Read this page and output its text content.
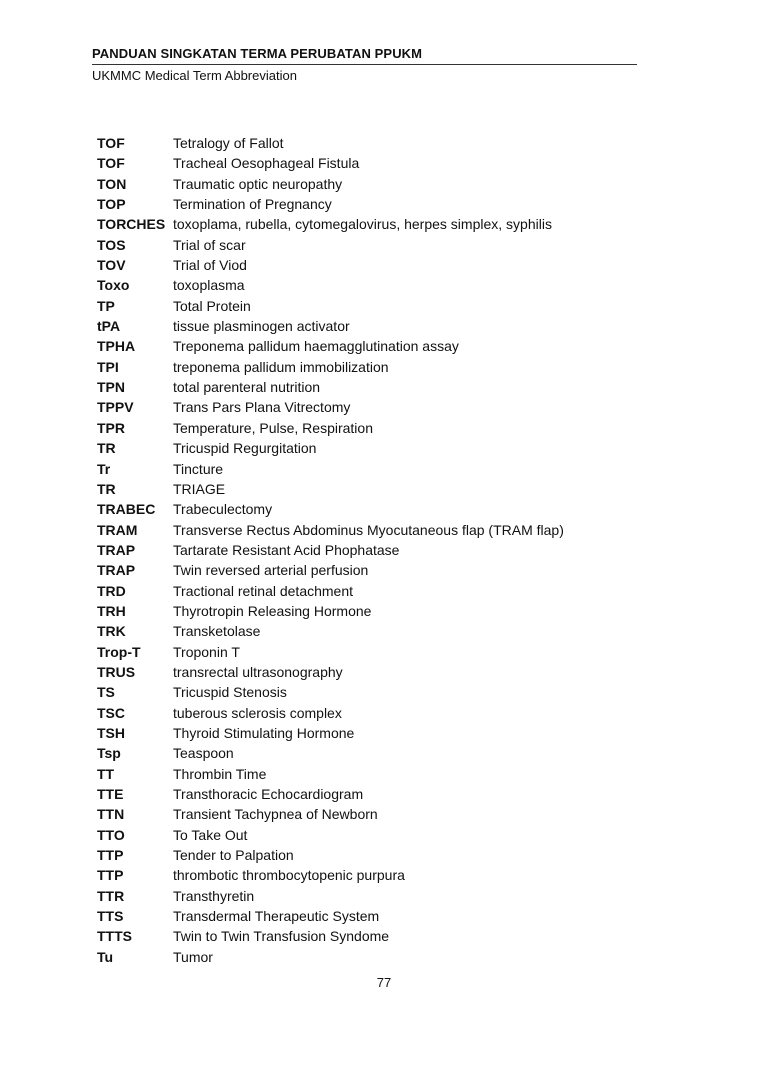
PANDUAN SINGKATAN TERMA PERUBATAN PPUKM
UKMMC Medical Term Abbreviation
TOF	Tetralogy of Fallot
TOF	Tracheal Oesophageal Fistula
TON	Traumatic optic neuropathy
TOP	Termination of Pregnancy
TORCHES toxoplama, rubella, cytomegalovirus, herpes simplex, syphilis
TOS	Trial of scar
TOV	Trial of Viod
Toxo	toxoplasma
TP	Total Protein
tPA	tissue plasminogen activator
TPHA	Treponema pallidum haemagglutination assay
TPI	treponema pallidum immobilization
TPN	total parenteral nutrition
TPPV	Trans Pars Plana Vitrectomy
TPR	Temperature, Pulse, Respiration
TR	Tricuspid Regurgitation
Tr	Tincture
TR	TRIAGE
TRABEC	Trabeculectomy
TRAM	Transverse Rectus Abdominus Myocutaneous flap (TRAM flap)
TRAP	Tartarate Resistant Acid Phophatase
TRAP	Twin reversed arterial perfusion
TRD	Tractional retinal detachment
TRH	Thyrotropin Releasing Hormone
TRK	Transketolase
Trop-T	Troponin T
TRUS	transrectal ultrasonography
TS	Tricuspid Stenosis
TSC	tuberous sclerosis complex
TSH	Thyroid Stimulating Hormone
Tsp	Teaspoon
TT	Thrombin Time
TTE	Transthoracic Echocardiogram
TTN	Transient Tachypnea of Newborn
TTO	To Take Out
TTP	Tender to Palpation
TTP	thrombotic thrombocytopenic purpura
TTR	Transthyretin
TTS	Transdermal Therapeutic System
TTTS	Twin to Twin Transfusion Syndome
Tu	Tumor
77
